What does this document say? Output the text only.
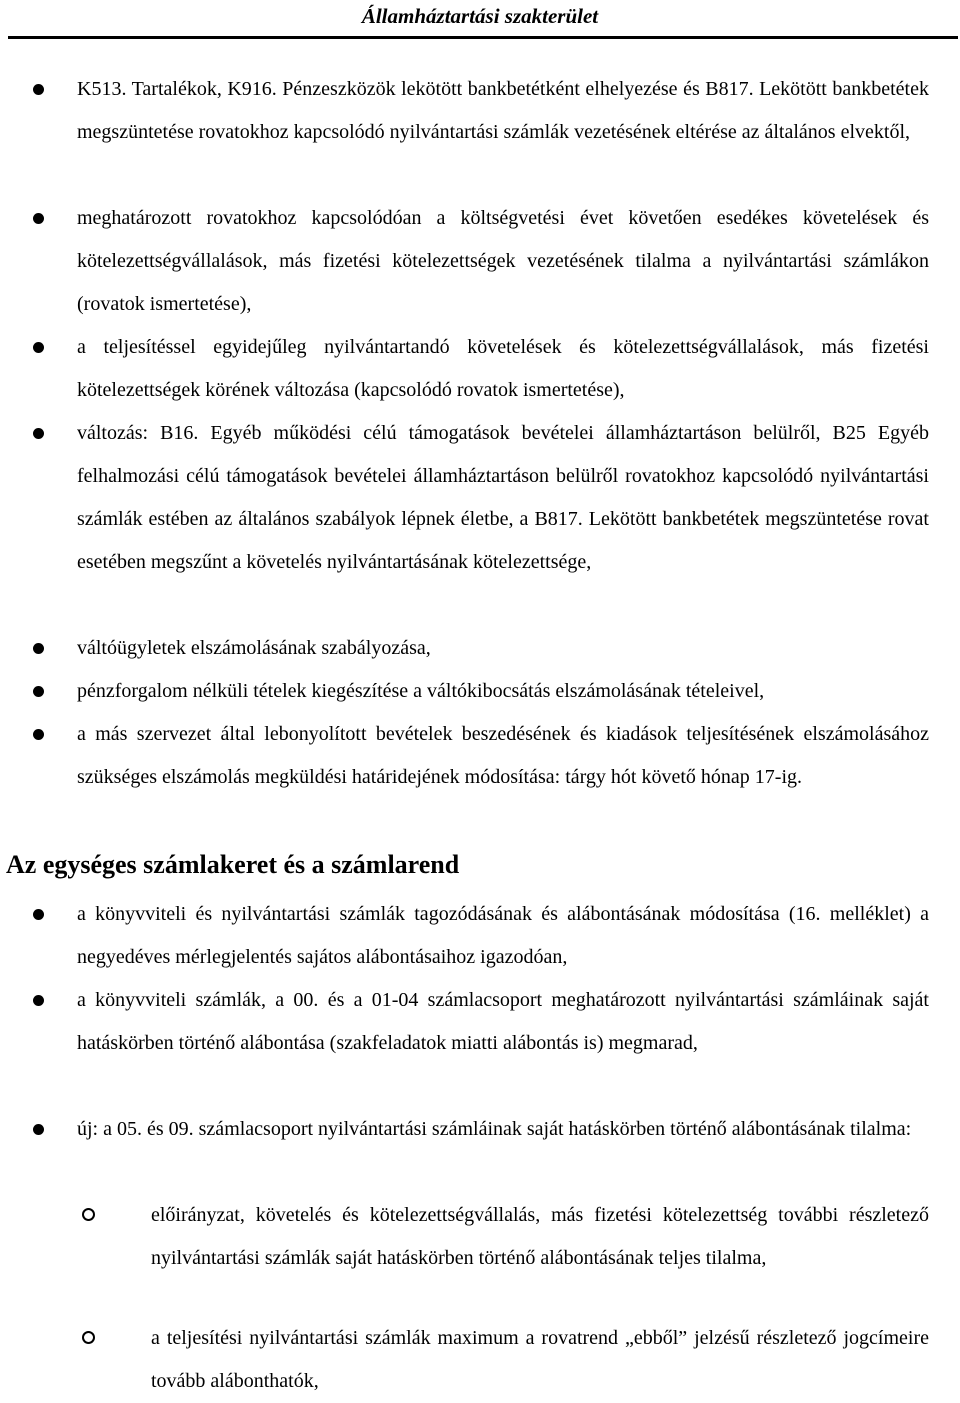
Államháztartási szakterület

K513. Tartalékok, K916. Pénzeszközök lekötött bankbetétként elhelyezése és B817. Lekötött bankbetétek megszüntetése rovatokhoz kapcsolódó nyilvántartási számlák vezetésének eltérése az általános elvektől,

meghatározott rovatokhoz kapcsolódóan a költségvetési évet követően esedékes követelések és kötelezettségvállalások, más fizetési kötelezettségek vezetésének tilalma a nyilvántartási számlákon (rovatok ismertetése),

a teljesítéssel egyidejűleg nyilvántartandó követelések és kötelezettségvállalások, más fizetési kötelezettségek körének változása (kapcsolódó rovatok ismertetése),

változás: B16. Egyéb működési célú támogatások bevételei államháztartáson belülről, B25 Egyéb felhalmozási célú támogatások bevételei államháztartáson belülről rovatokhoz kapcsolódó nyilvántartási számlák estében az általános szabályok lépnek életbe, a B817. Lekötött bankbetétek megszüntetése rovat esetében megszűnt a követelés nyilvántartásának kötelezettsége,

váltóügyletek elszámolásának szabályozása,

pénzforgalom nélküli tételek kiegészítése a váltókibocsátás elszámolásának tételeivel,

a más szervezet által lebonyolított bevételek beszedésének és kiadások teljesítésének elszámolásához szükséges elszámolás megküldési határidejének módosítása: tárgy hót követő hónap 17-ig.

Az egységes számlakeret és a számlarend

a könyvviteli és nyilvántartási számlák tagozódásának és alábontásának módosítása (16. melléklet) a negyedéves mérlegjelentés sajátos alábontásaihoz igazodóan,

a könyvviteli számlák, a 00. és a 01-04 számlacsoport meghatározott nyilvántartási számláinak saját hatáskörben történő alábontása (szakfeladatok miatti alábontás is) megmarad,

új: a 05. és 09. számlacsoport nyilvántartási számláinak saját hatáskörben történő alábontásának tilalma:

előirányzat, követelés és kötelezettségvállalás, más fizetési kötelezettség további részletező nyilvántartási számlák saját hatáskörben történő alábontásának teljes tilalma,

a teljesítési nyilvántartási számlák maximum a rovatrend „ebből” jelzésű részletező jogcímeire tovább alábonthatók,
